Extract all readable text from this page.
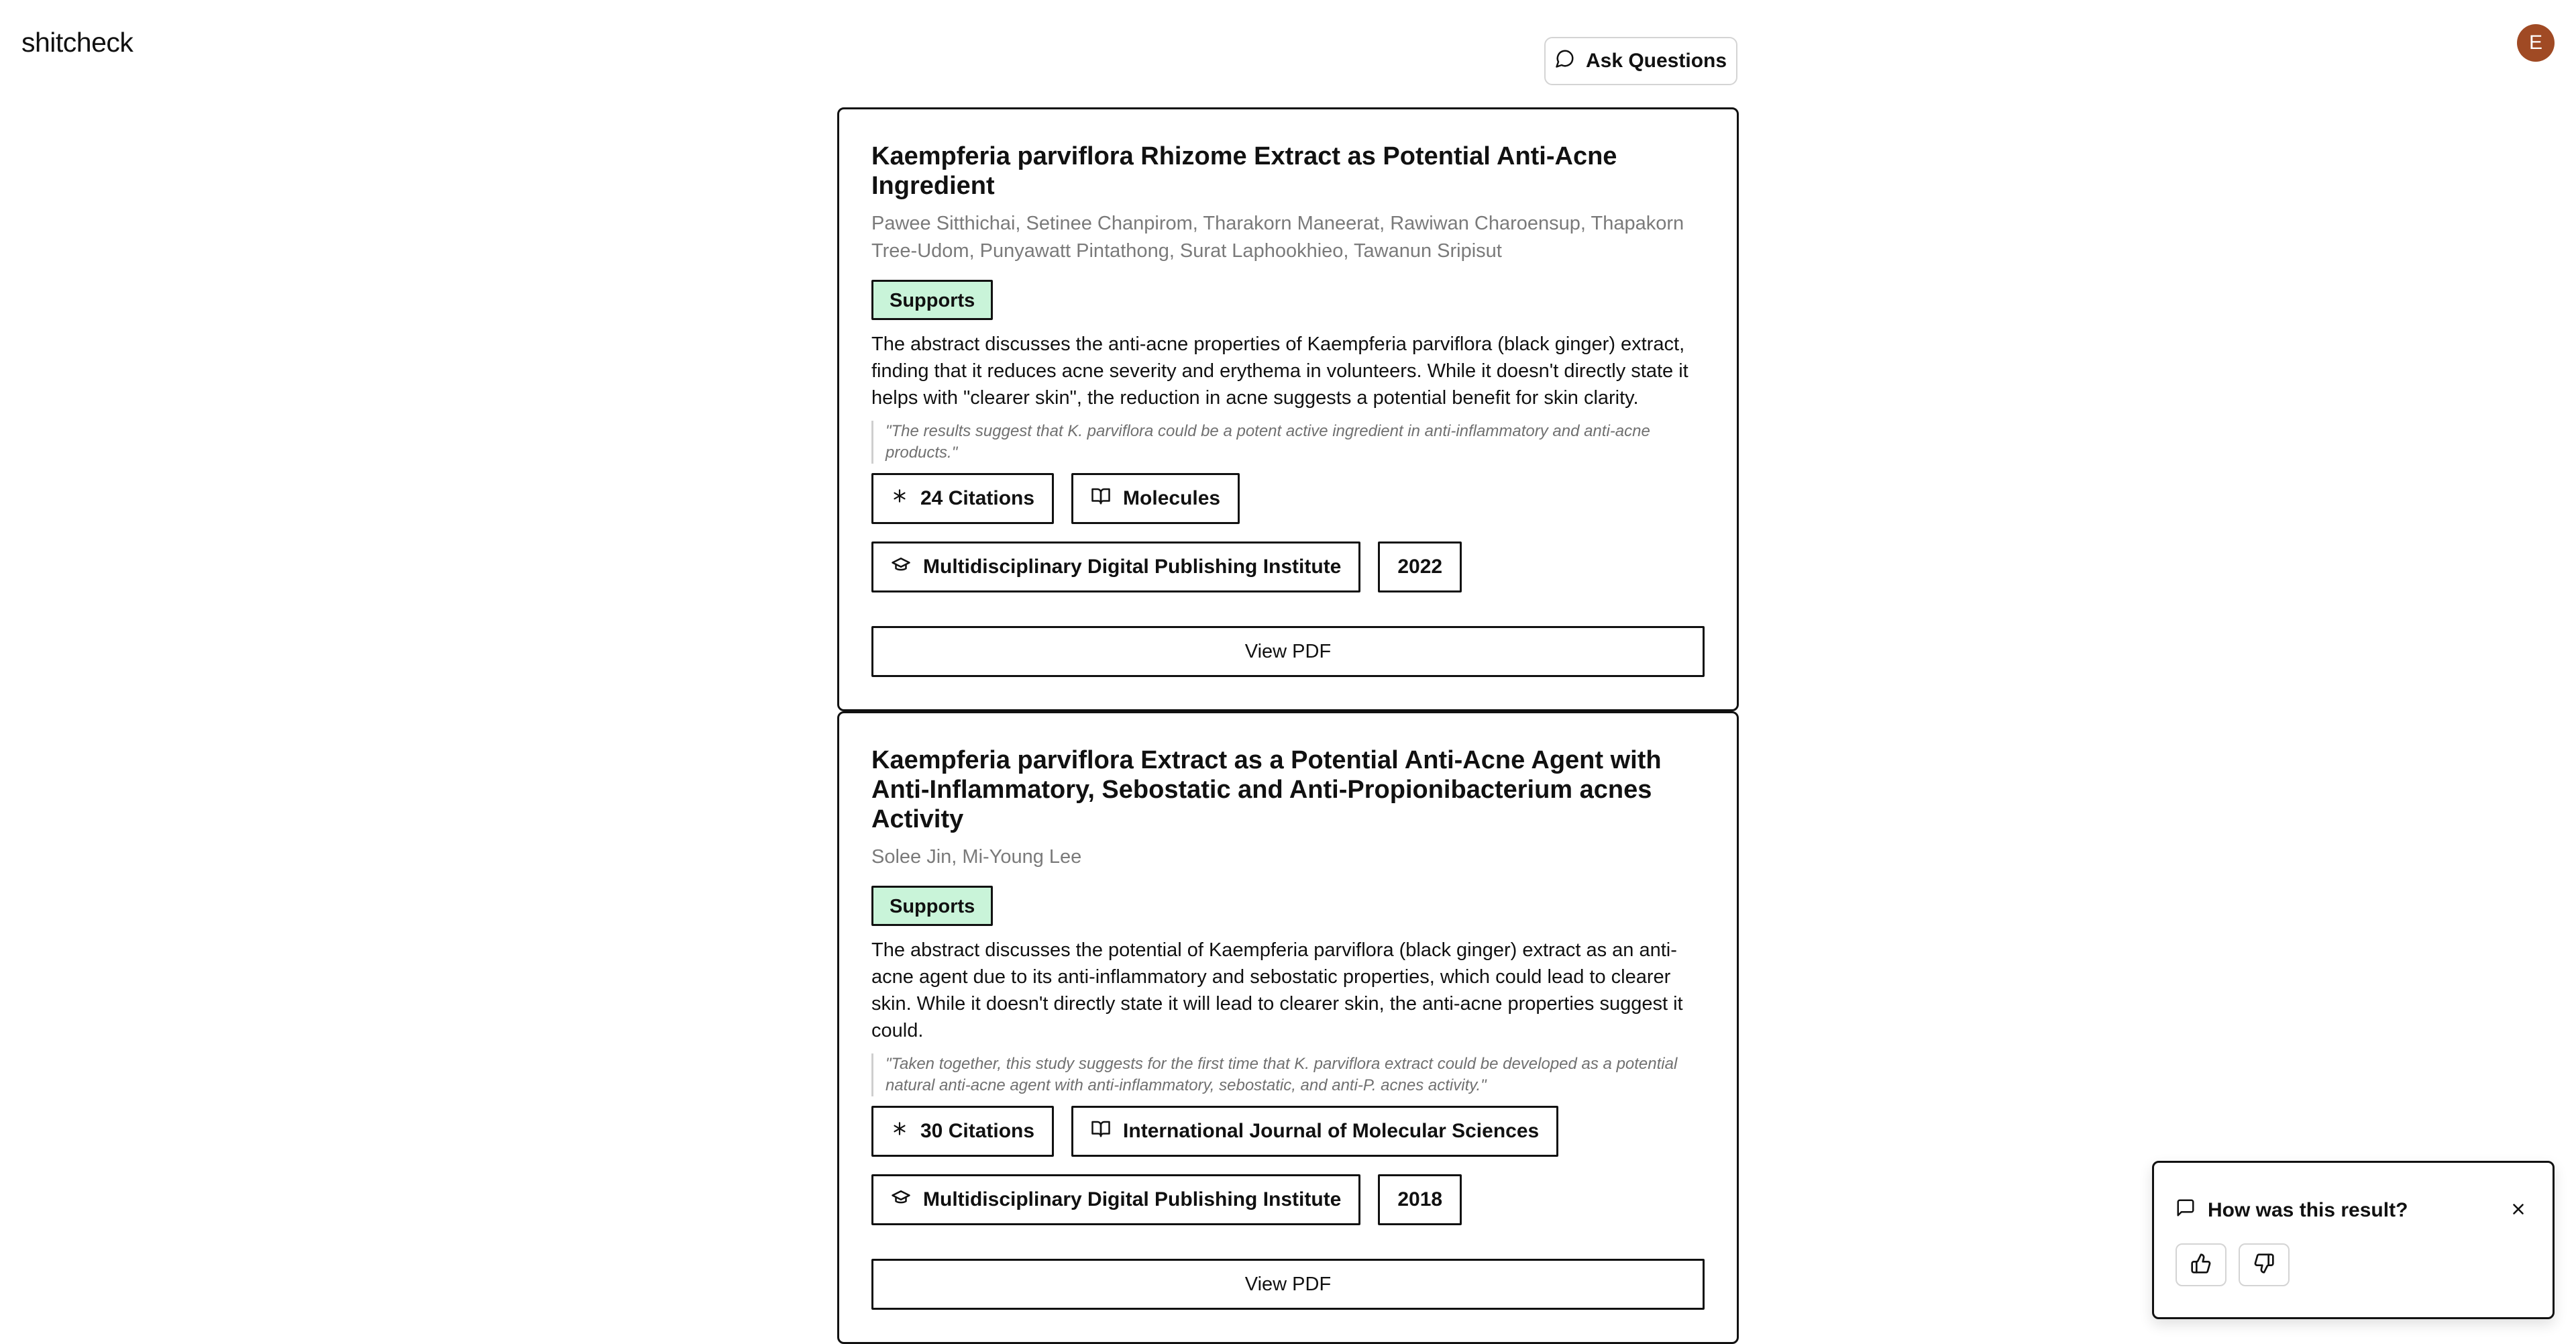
shitcheck
Ask Questions
E
Kaempferia parviflora Rhizome Extract as Potential Anti-Acne Ingredient
Pawee Sitthichai, Setinee Chanpirom, Tharakorn Maneerat, Rawiwan Charoensup, Thapakorn Tree-Udom, Punyawatt Pintathong, Surat Laphookhieo, Tawanun Sripisut
Supports
The abstract discusses the anti-acne properties of Kaempferia parviflora (black ginger) extract, finding that it reduces acne severity and erythema in volunteers. While it doesn't directly state it helps with "clearer skin", the reduction in acne suggests a potential benefit for skin clarity.
"The results suggest that K. parviflora could be a potent active ingredient in anti-inflammatory and anti-acne products."
24 Citations	Molecules
Multidisciplinary Digital Publishing Institute	2022
View PDF
Kaempferia parviflora Extract as a Potential Anti-Acne Agent with Anti-Inflammatory, Sebostatic and Anti-Propionibacterium acnes Activity
Solee Jin, Mi-Young Lee
Supports
The abstract discusses the potential of Kaempferia parviflora (black ginger) extract as an anti-acne agent due to its anti-inflammatory and sebostatic properties, which could lead to clearer skin. While it doesn't directly state it will lead to clearer skin, the anti-acne properties suggest it could.
"Taken together, this study suggests for the first time that K. parviflora extract could be developed as a potential natural anti-acne agent with anti-inflammatory, sebostatic, and anti-P. acnes activity."
30 Citations	International Journal of Molecular Sciences
Multidisciplinary Digital Publishing Institute	2018
View PDF
How was this result?
